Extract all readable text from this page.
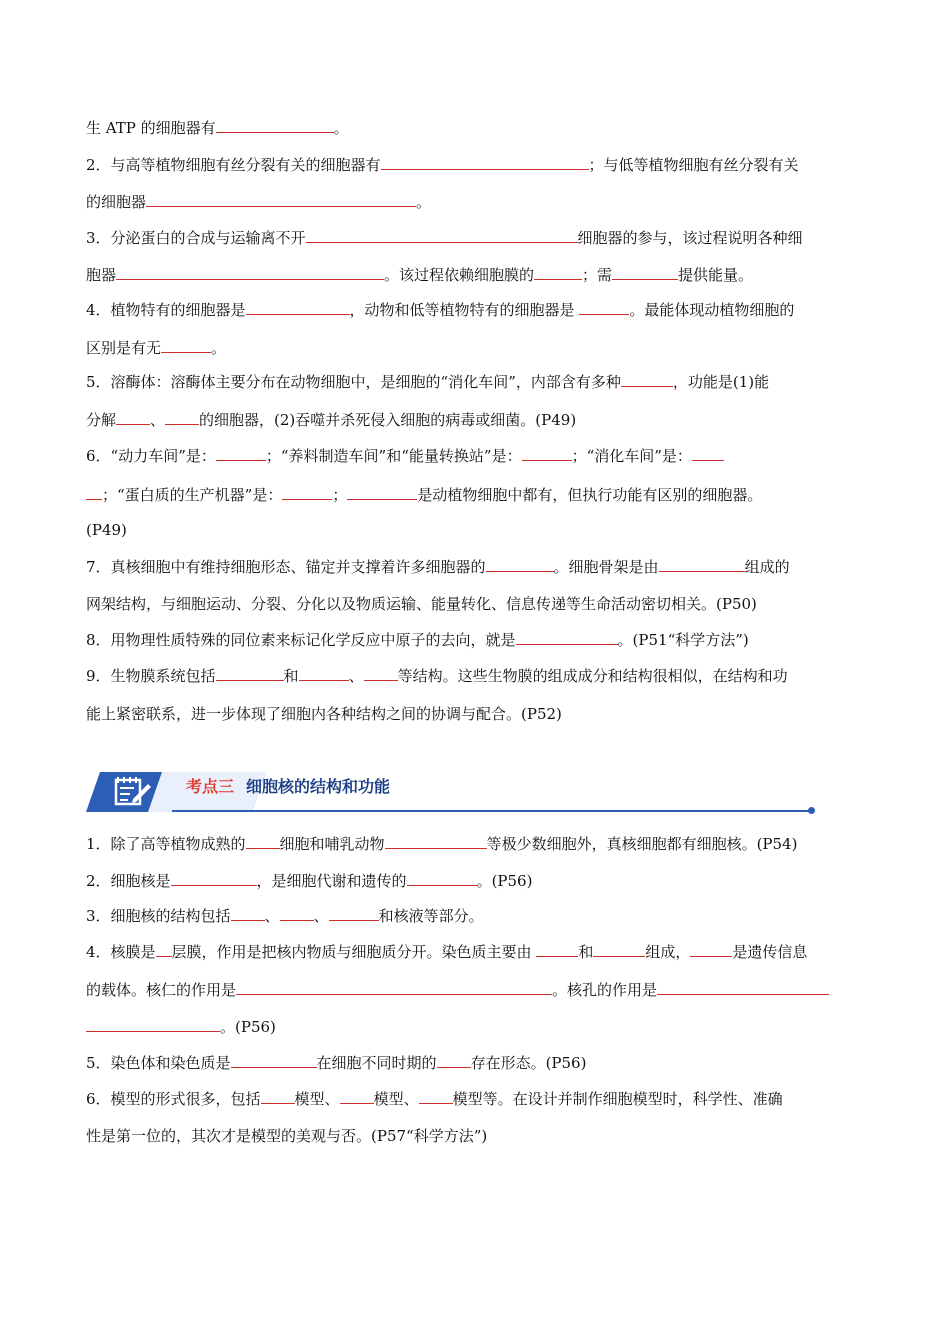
生 ATP 的细胞器有	。
2．与高等植物细胞有丝分裂有关的细胞器有	；与低等植物细胞有丝分裂有关
的细胞器	。
3．分泌蛋白的合成与运输离不开	细胞器的参与，该过程说明各种细
胞器	。该过程依赖细胞膜的	；需	提供能量。
4．植物特有的细胞器是	，动物和低等植物特有的细胞器是	。最能体现动植物细胞的
区别是有无	。
5．溶酶体：溶酶体主要分布在动物细胞中，是细胞的“消化车间”，内部含有多种	，功能是(1)能
分解 、 的细胞器，(2)吞噬并杀死侵入细胞的病毒或细菌。(P49)
6．“动力车间”是：	；“养料制造车间”和“能量转换站”是：	；“消化车间”是：
；“蛋白质的生产机器”是：	；	是动植物细胞中都有，但执行功能有区别的细胞器。
(P49)
7．真核细胞中有维持细胞形态、锚定并支撑着许多细胞器的	。细胞骨架是由	组成的
网架结构，与细胞运动、分裂、分化以及物质运输、能量转化、信息传递等生命活动密切相关。(P50)
8．用物理性质特殊的同位素来标记化学反应中原子的去向，就是	。(P51“科学方法”)
9．生物膜系统包括	和	、 等结构。这些生物膜的组成成分和结构很相似，在结构和功
能上紧密联系，进一步体现了细胞内各种结构之间的协调与配合。(P52)
1．除了高等植物成熟的 细胞和哺乳动物	等极少数细胞外，真核细胞都有细胞核。(P54)
2．细胞核是	，是细胞代谢和遗传的	。(P56)
3．细胞核的结构包括 、 、	和核液等部分。
4．核膜是 层膜，作用是把核内物质与细胞质分开。染色质主要由	和	组成，	是遗传信息
的载体。核仁的作用是	。核孔的作用是
。(P56)
5．染色体和染色质是	在细胞不同时期的 存在形态。(P56)
6．模型的形式很多，包括 模型、 模型、 模型等。在设计并制作细胞模型时，科学性、准确
性是第一位的，其次才是模型的美观与否。(P57“科学方法”)
考点三 细胞核的结构和功能
